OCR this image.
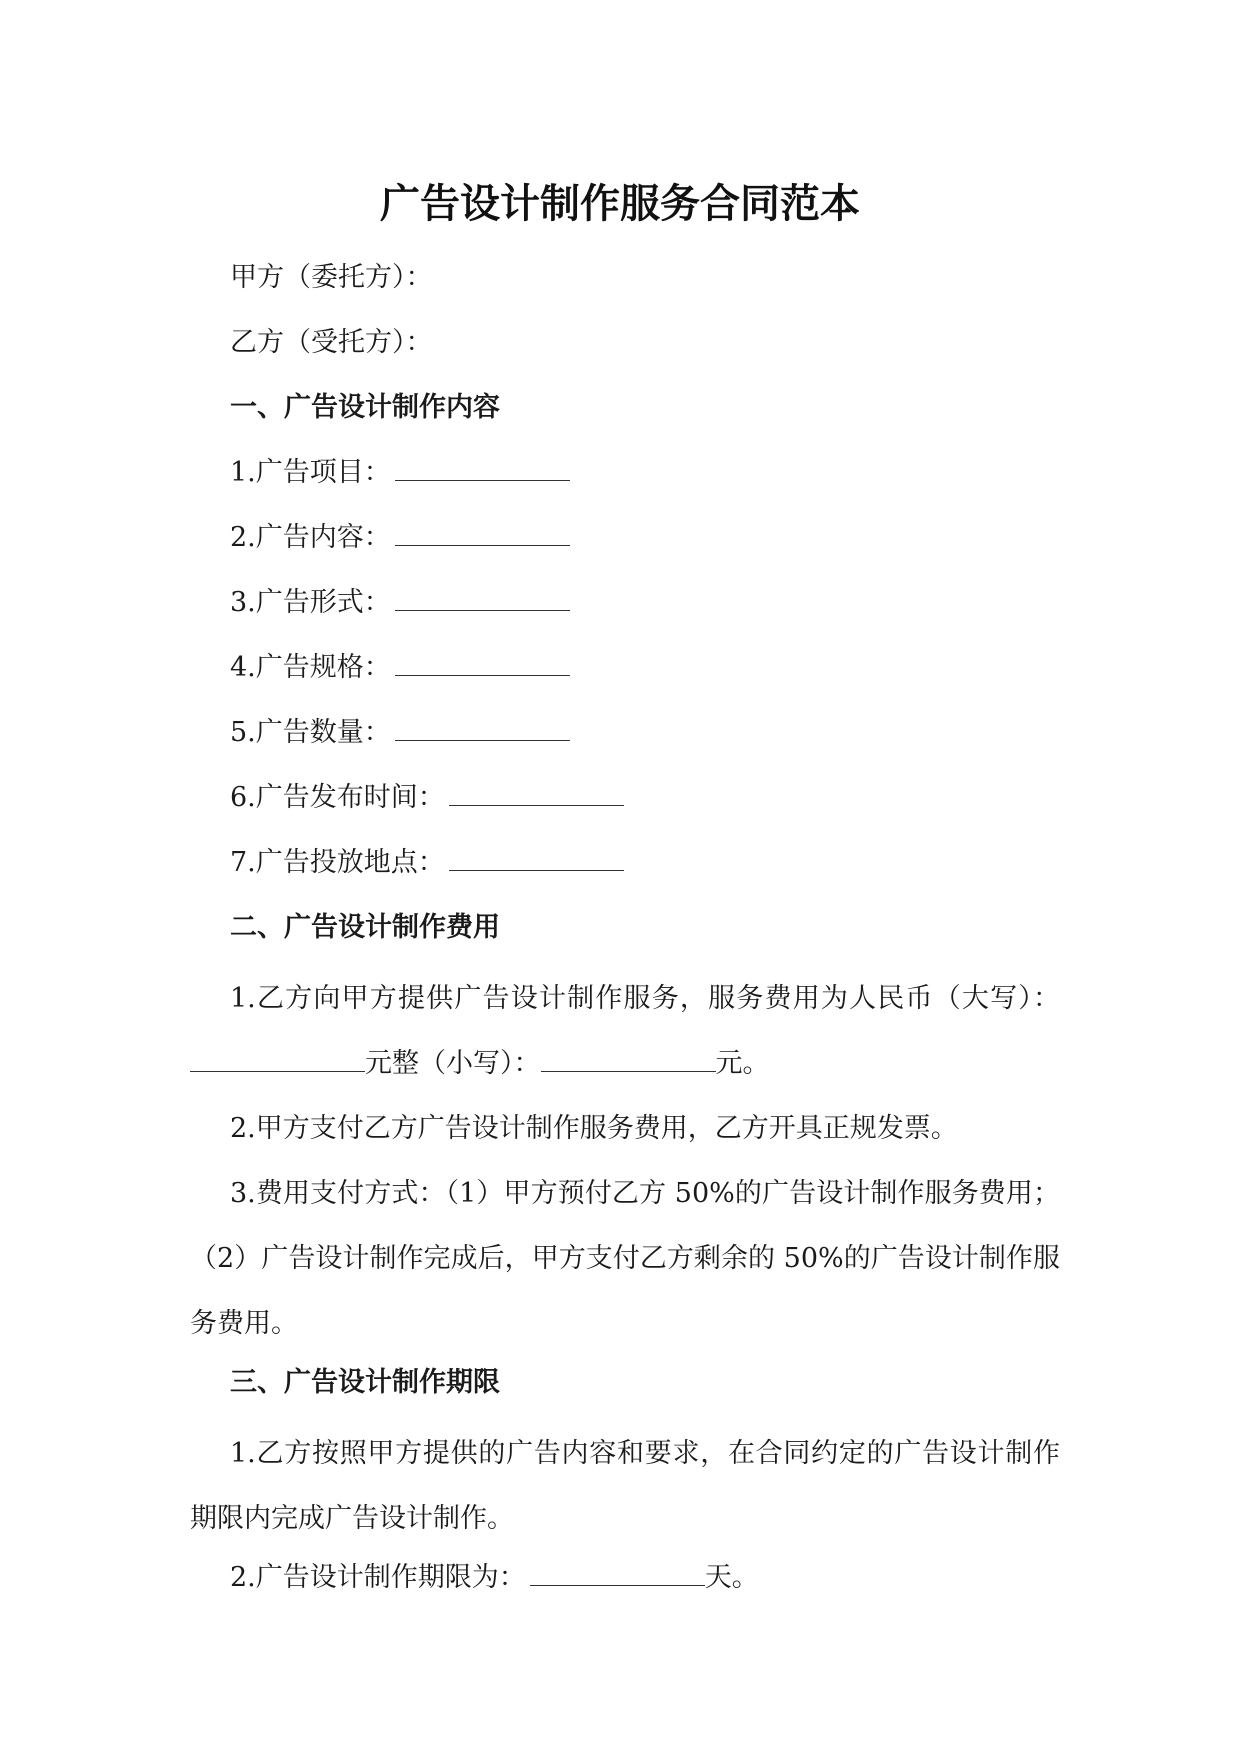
广告设计制作服务合同范本
甲方（委托方）：
乙方（受托方）：
一、广告设计制作内容
1.广告项目：
2.广告内容：
3.广告形式：
4.广告规格：
5.广告数量：
6.广告发布时间：
7.广告投放地点：
二、广告设计制作费用
1.乙方向甲方提供广告设计制作服务，服务费用为人民币（大写）：元整（小写）：	元。
2.甲方支付乙方广告设计制作服务费用，乙方开具正规发票。
3.费用支付方式：（1）甲方预付乙方 50%的广告设计制作服务费用；（2）广告设计制作完成后，甲方支付乙方剩余的 50%的广告设计制作服务费用。
三、广告设计制作期限
1.乙方按照甲方提供的广告内容和要求，在合同约定的广告设计制作期限内完成广告设计制作。
2.广告设计制作期限为：	天。
